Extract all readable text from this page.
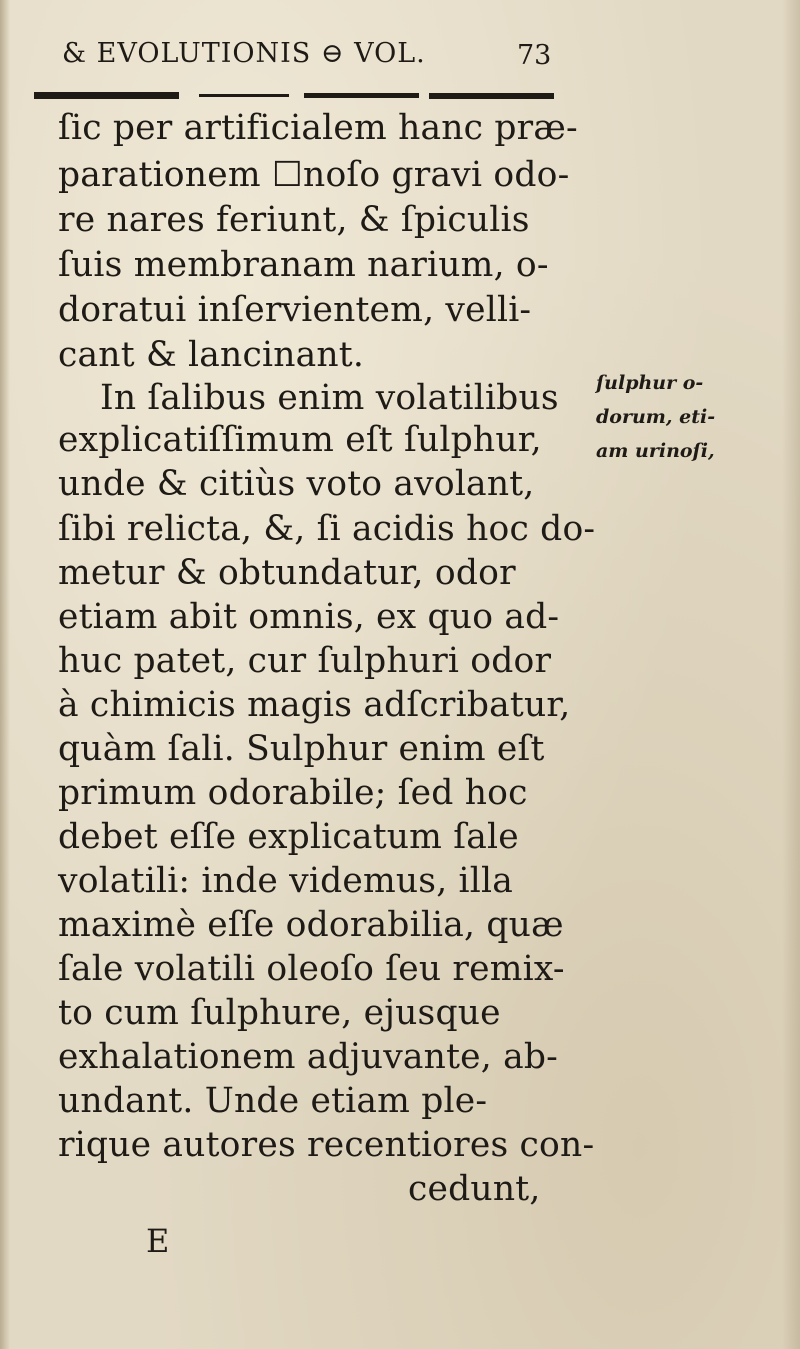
& EVOLUTIONIS ⊖ VOL.	73
ſic per artificialem hanc præ-
parationem ☐noſo gravi odo-
re nares feriunt, & ſpiculis
ſuis membranam narium, o-
doratui inſervientem, velli-
cant & lancinant.
In ſalibus enim volatilibus
explicatiſſimum eſt ſulphur,
unde & citiùs voto avolant,
ſibi relicta, &, ſi acidis hoc do-
metur & obtundatur, odor
etiam abit omnis, ex quo ad-
huc patet, cur ſulphuri odor
à chimicis magis adſcribatur,
quàm ſali. Sulphur enim eſt
primum odorabile; ſed hoc
debet eſſe explicatum ſale
volatili: inde videmus, illa
maximè eſſe odorabilia, quæ
ſale volatili oleoſo ſeu remix-
to cum ſulphure, ejusque
exhalationem adjuvante, ab-
undant. Unde etiam ple-
rique autores recentiores con-
cedunt,
ſulphur o-
dorum, eti-
am urinoſi,
E
